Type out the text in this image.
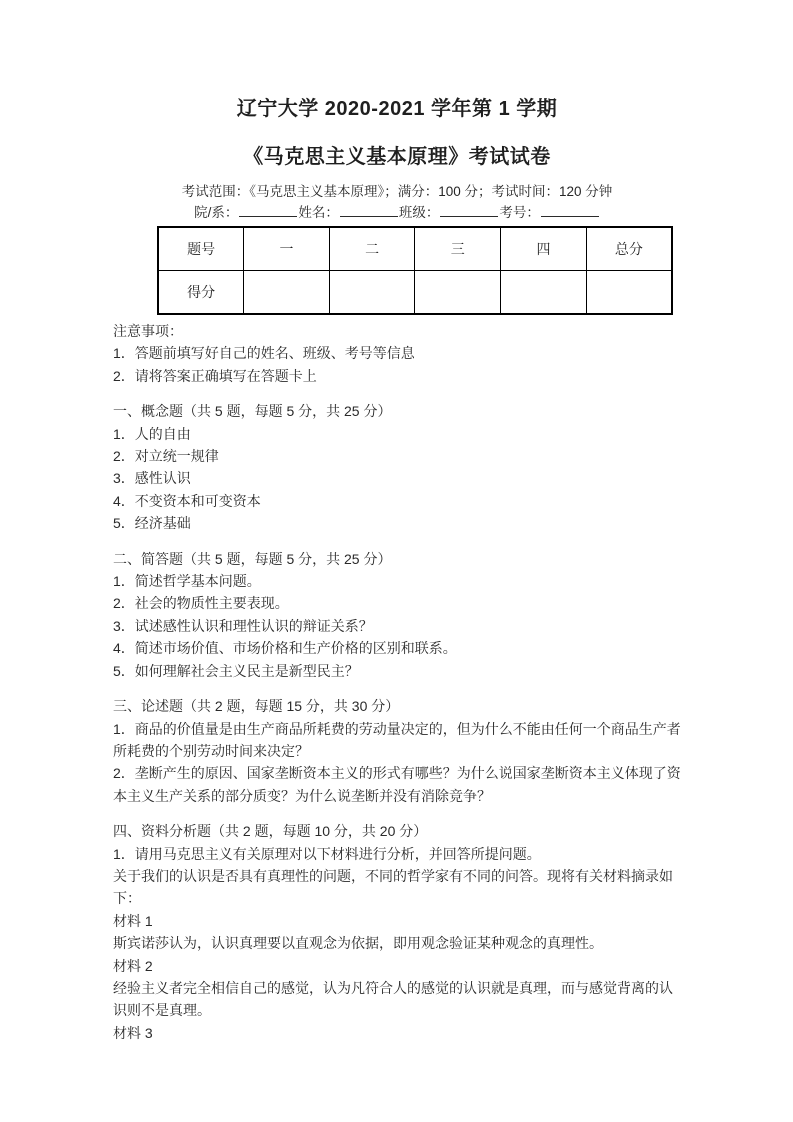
辽宁大学 2020-2021 学年第 1 学期
《马克思主义基本原理》考试试卷
考试范围：《马克思主义基本原理》；满分：100 分；考试时间：120 分钟
院/系：	姓名：	班级：	考号：
题号	一	二	三	四	总分
得分					
注意事项：
1．答题前填写好自己的姓名、班级、考号等信息
2．请将答案正确填写在答题卡上
一、概念题（共 5 题，每题 5 分，共 25 分）
1．人的自由
2．对立统一规律
3．感性认识
4．不变资本和可变资本
5．经济基础
二、简答题（共 5 题，每题 5 分，共 25 分）
1．简述哲学基本问题。
2．社会的物质性主要表现。
3．试述感性认识和理性认识的辩证关系？
4．简述市场价值、市场价格和生产价格的区别和联系。
5．如何理解社会主义民主是新型民主？
三、论述题（共 2 题，每题 15 分，共 30 分）
1．商品的价值量是由生产商品所耗费的劳动量决定的，但为什么不能由任何一个商品生产者所耗费的个别劳动时间来决定？
2．垄断产生的原因、国家垄断资本主义的形式有哪些？为什么说国家垄断资本主义体现了资本主义生产关系的部分质变？为什么说垄断并没有消除竞争？
四、资料分析题（共 2 题，每题 10 分，共 20 分）
1．请用马克思主义有关原理对以下材料进行分析，并回答所提问题。
关于我们的认识是否具有真理性的问题，不同的哲学家有不同的问答。现将有关材料摘录如下：
材料 1
斯宾诺莎认为，认识真理要以直观念为依据，即用观念验证某种观念的真理性。
材料 2
经验主义者完全相信自己的感觉，认为凡符合人的感觉的认识就是真理，而与感觉背离的认识则不是真理。
材料 3
